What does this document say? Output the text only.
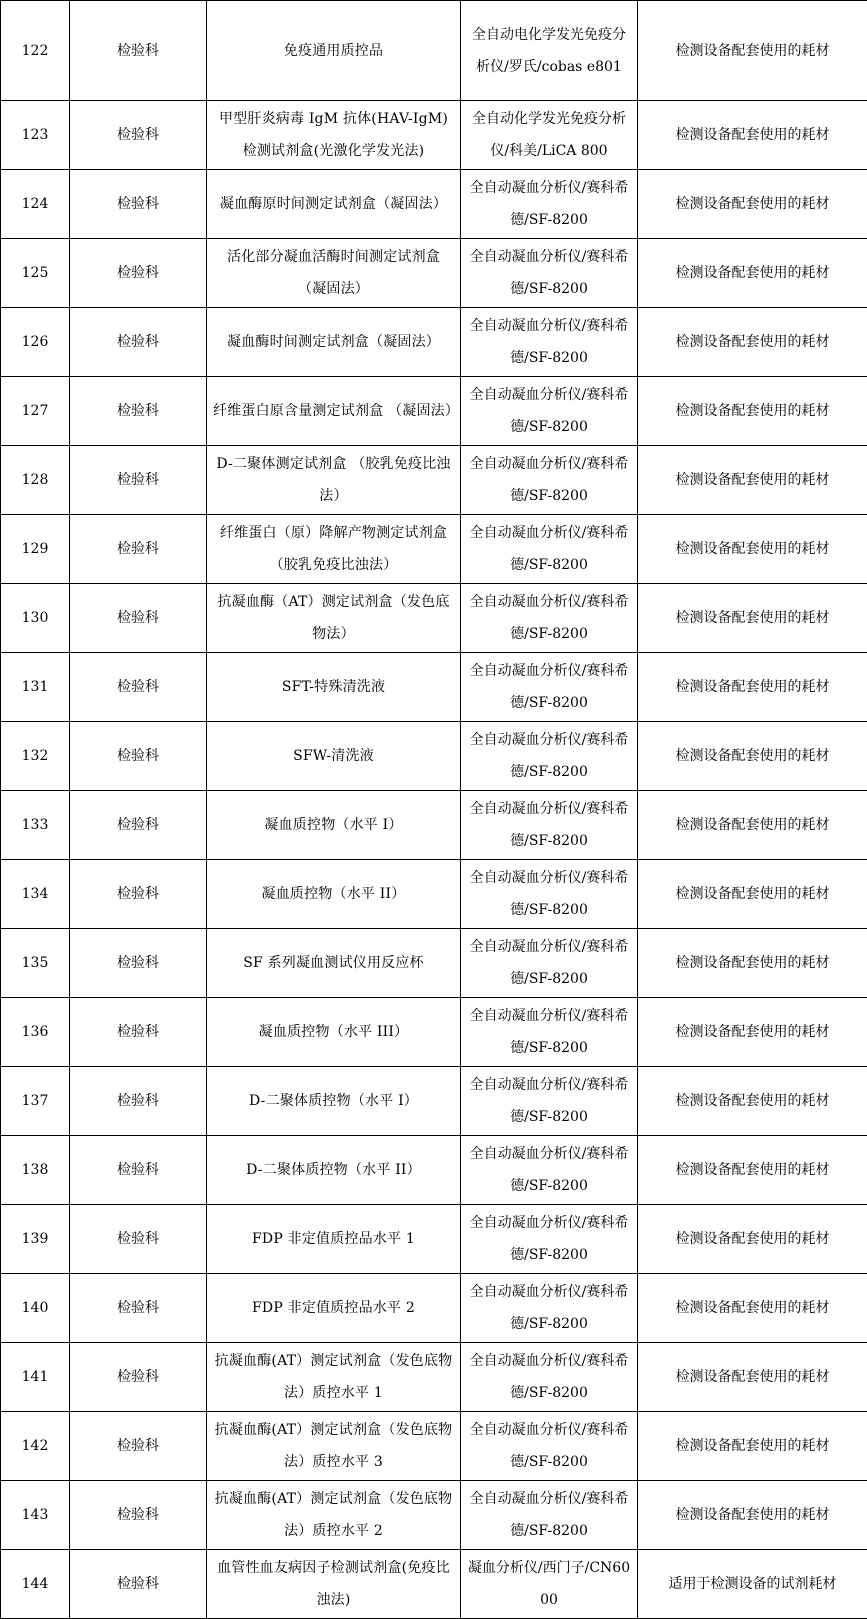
122	检验科	免疫通用质控品	全自动电化学发光免疫分析仪/罗氏/cobas e801	检测设备配套使用的耗材
123	检验科	甲型肝炎病毒 IgM 抗体(HAV-IgM)检测试剂盒(光激化学发光法)	全自动化学发光免疫分析仪/科美/LiCA 800	检测设备配套使用的耗材
124	检验科	凝血酶原时间测定试剂盒（凝固法）	全自动凝血分析仪/赛科希德/SF-8200	检测设备配套使用的耗材
125	检验科	活化部分凝血活酶时间测定试剂盒（凝固法）	全自动凝血分析仪/赛科希德/SF-8200	检测设备配套使用的耗材
126	检验科	凝血酶时间测定试剂盒（凝固法）	全自动凝血分析仪/赛科希德/SF-8200	检测设备配套使用的耗材
127	检验科	纤维蛋白原含量测定试剂盒 （凝固法）	全自动凝血分析仪/赛科希德/SF-8200	检测设备配套使用的耗材
128	检验科	D-二聚体测定试剂盒 （胶乳免疫比浊法）	全自动凝血分析仪/赛科希德/SF-8200	检测设备配套使用的耗材
129	检验科	纤维蛋白（原）降解产物测定试剂盒 （胶乳免疫比浊法）	全自动凝血分析仪/赛科希德/SF-8200	检测设备配套使用的耗材
130	检验科	抗凝血酶（AT）测定试剂盒（发色底物法）	全自动凝血分析仪/赛科希德/SF-8200	检测设备配套使用的耗材
131	检验科	SFT-特殊清洗液	全自动凝血分析仪/赛科希德/SF-8200	检测设备配套使用的耗材
132	检验科	SFW-清洗液	全自动凝血分析仪/赛科希德/SF-8200	检测设备配套使用的耗材
133	检验科	凝血质控物（水平 I）	全自动凝血分析仪/赛科希德/SF-8200	检测设备配套使用的耗材
134	检验科	凝血质控物（水平 II）	全自动凝血分析仪/赛科希德/SF-8200	检测设备配套使用的耗材
135	检验科	SF 系列凝血测试仪用反应杯	全自动凝血分析仪/赛科希德/SF-8200	检测设备配套使用的耗材
136	检验科	凝血质控物（水平 III）	全自动凝血分析仪/赛科希德/SF-8200	检测设备配套使用的耗材
137	检验科	D-二聚体质控物（水平 I）	全自动凝血分析仪/赛科希德/SF-8200	检测设备配套使用的耗材
138	检验科	D-二聚体质控物（水平 II）	全自动凝血分析仪/赛科希德/SF-8200	检测设备配套使用的耗材
139	检验科	FDP 非定值质控品水平 1	全自动凝血分析仪/赛科希德/SF-8200	检测设备配套使用的耗材
140	检验科	FDP 非定值质控品水平 2	全自动凝血分析仪/赛科希德/SF-8200	检测设备配套使用的耗材
141	检验科	抗凝血酶(AT）测定试剂盒（发色底物法）质控水平 1	全自动凝血分析仪/赛科希德/SF-8200	检测设备配套使用的耗材
142	检验科	抗凝血酶(AT）测定试剂盒（发色底物法）质控水平 3	全自动凝血分析仪/赛科希德/SF-8200	检测设备配套使用的耗材
143	检验科	抗凝血酶(AT）测定试剂盒（发色底物法）质控水平 2	全自动凝血分析仪/赛科希德/SF-8200	检测设备配套使用的耗材
144	检验科	血管性血友病因子检测试剂盒(免疫比浊法)	凝血分析仪/西门子/CN6000	适用于检测设备的试剂耗材
